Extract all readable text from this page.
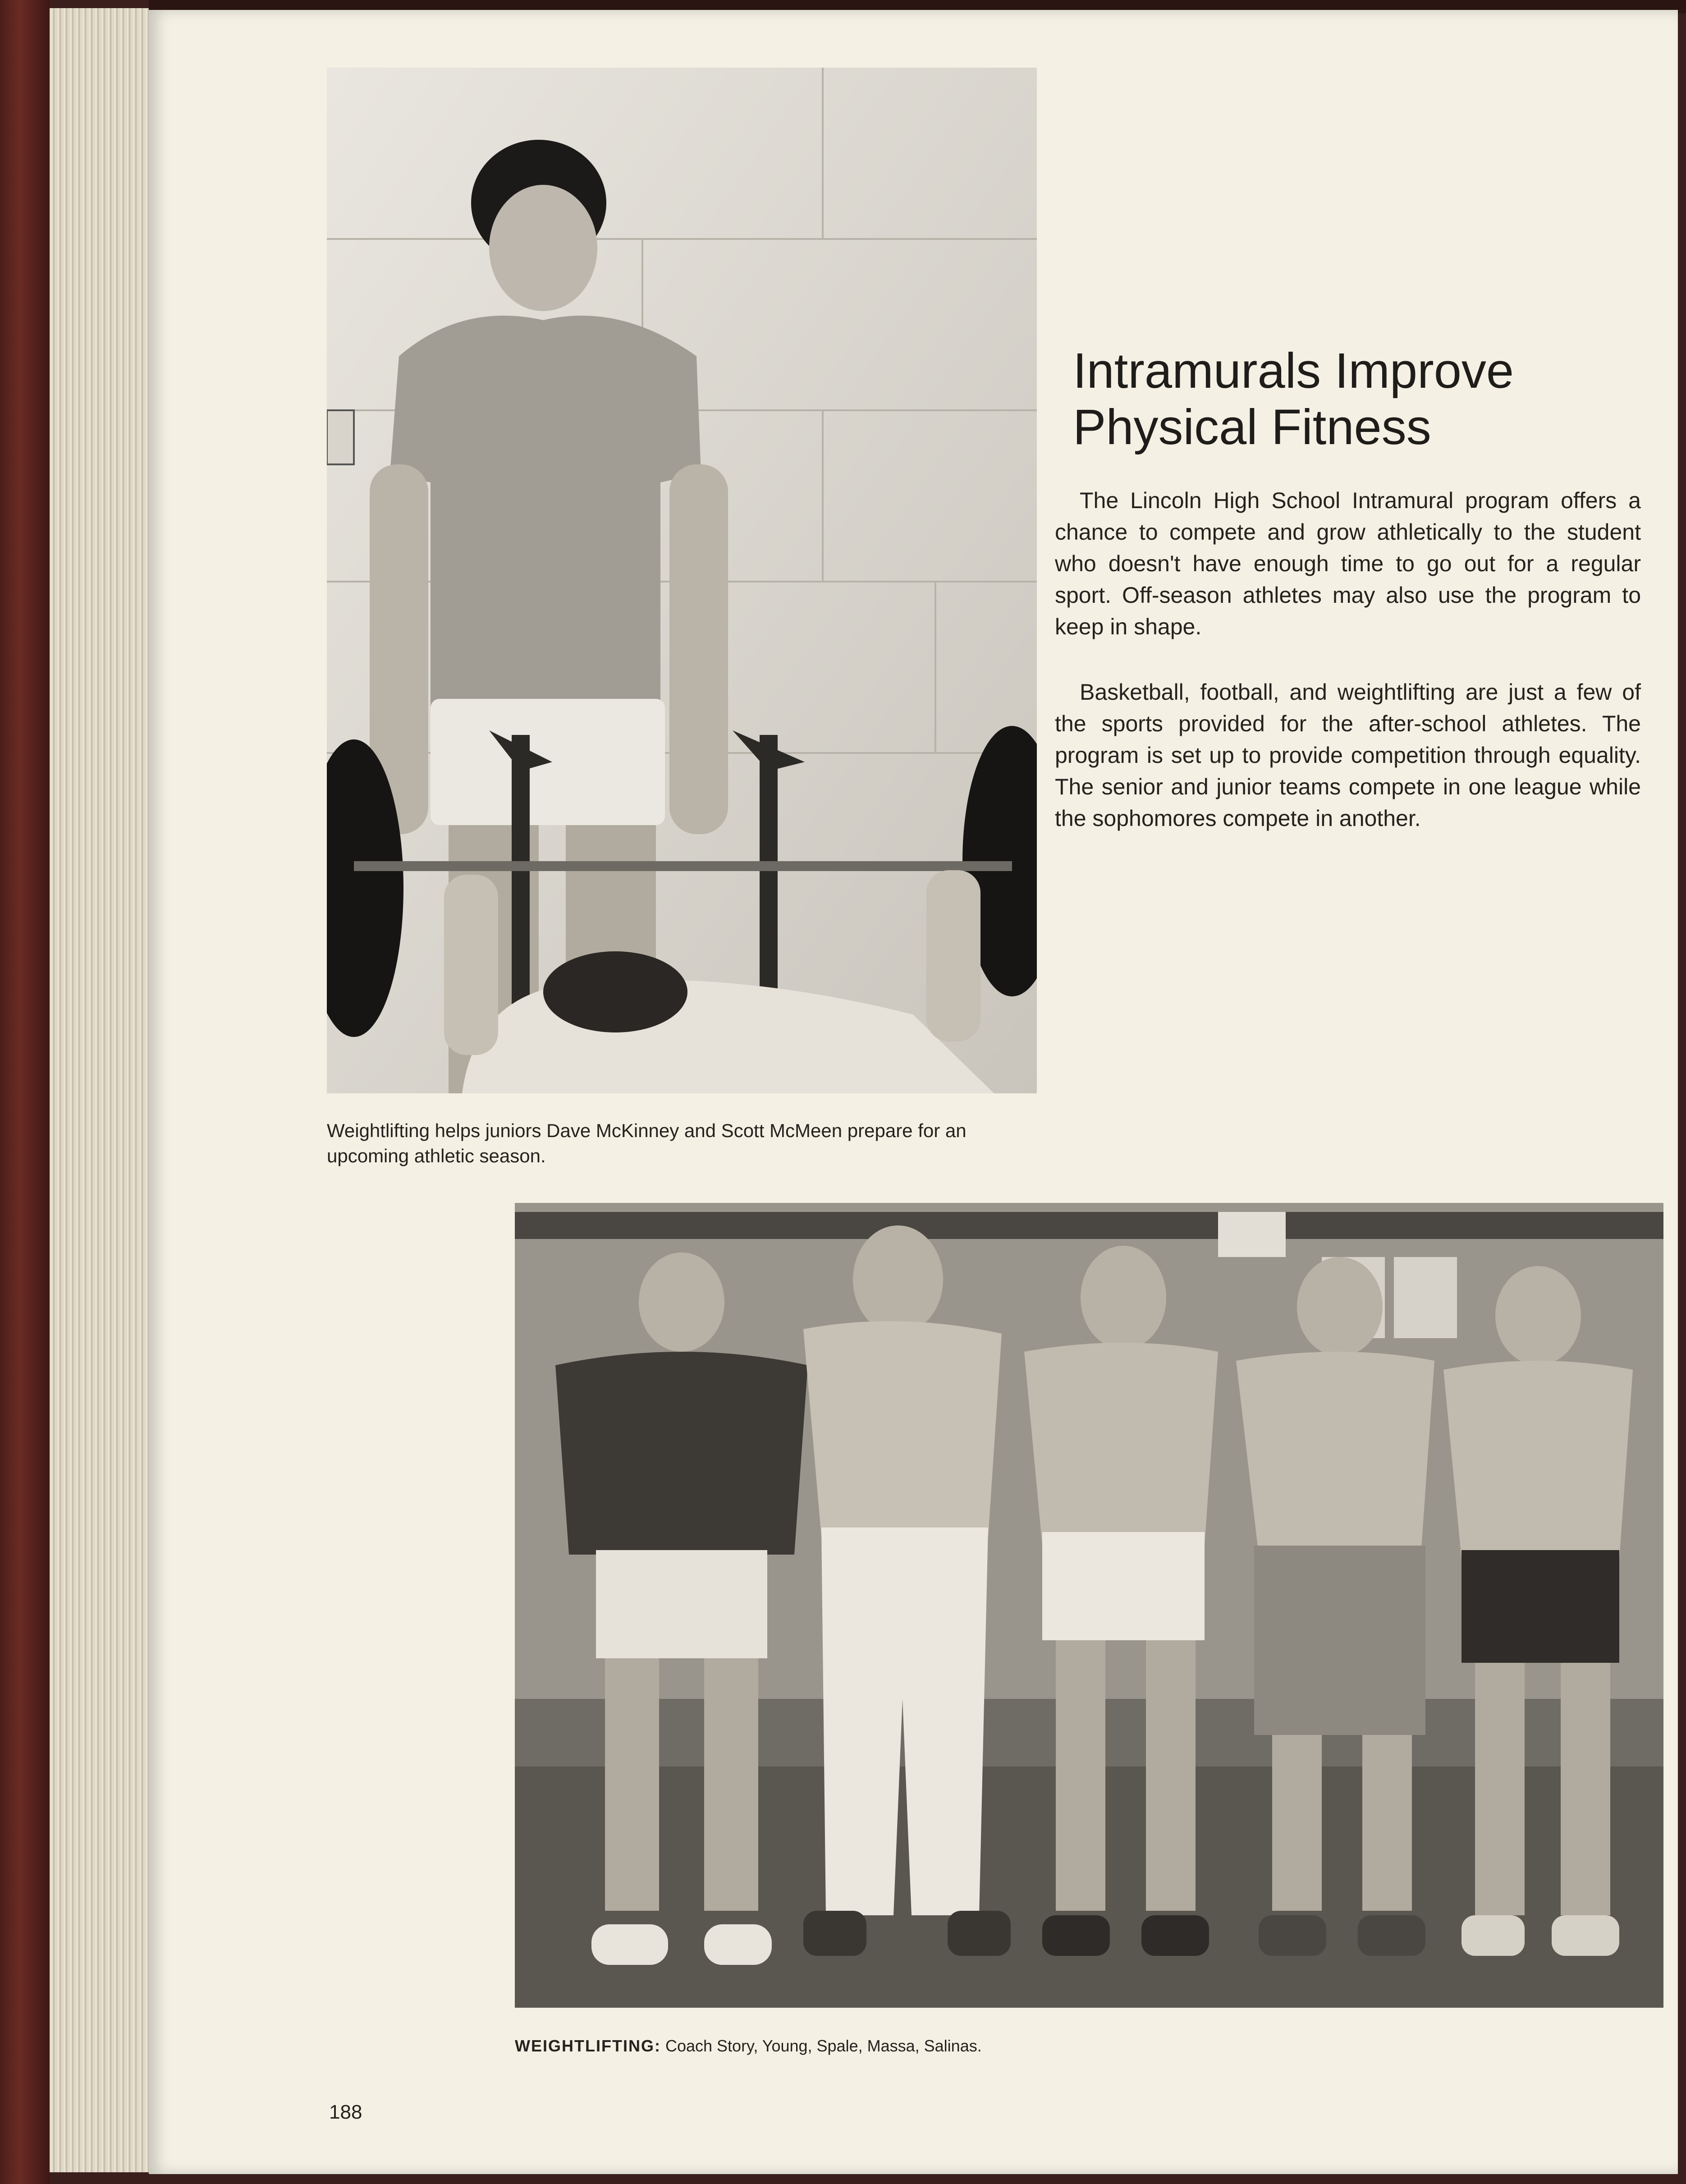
Intramurals Improve
Physical Fitness

The Lincoln High School Intramural program offers a chance to compete and grow athletically to the student who doesn't have enough time to go out for a regular sport. Off-season athletes may also use the program to keep in shape.

Basketball, football, and weightlifting are just a few of the sports provided for the after-school athletes. The program is set up to provide competition through equality. The senior and junior teams compete in one league while the sophomores compete in another.

Weightlifting helps juniors Dave McKinney and Scott McMeen prepare for an upcoming athletic season.

WEIGHTLIFTING: Coach Story, Young, Spale, Massa, Salinas.

188
